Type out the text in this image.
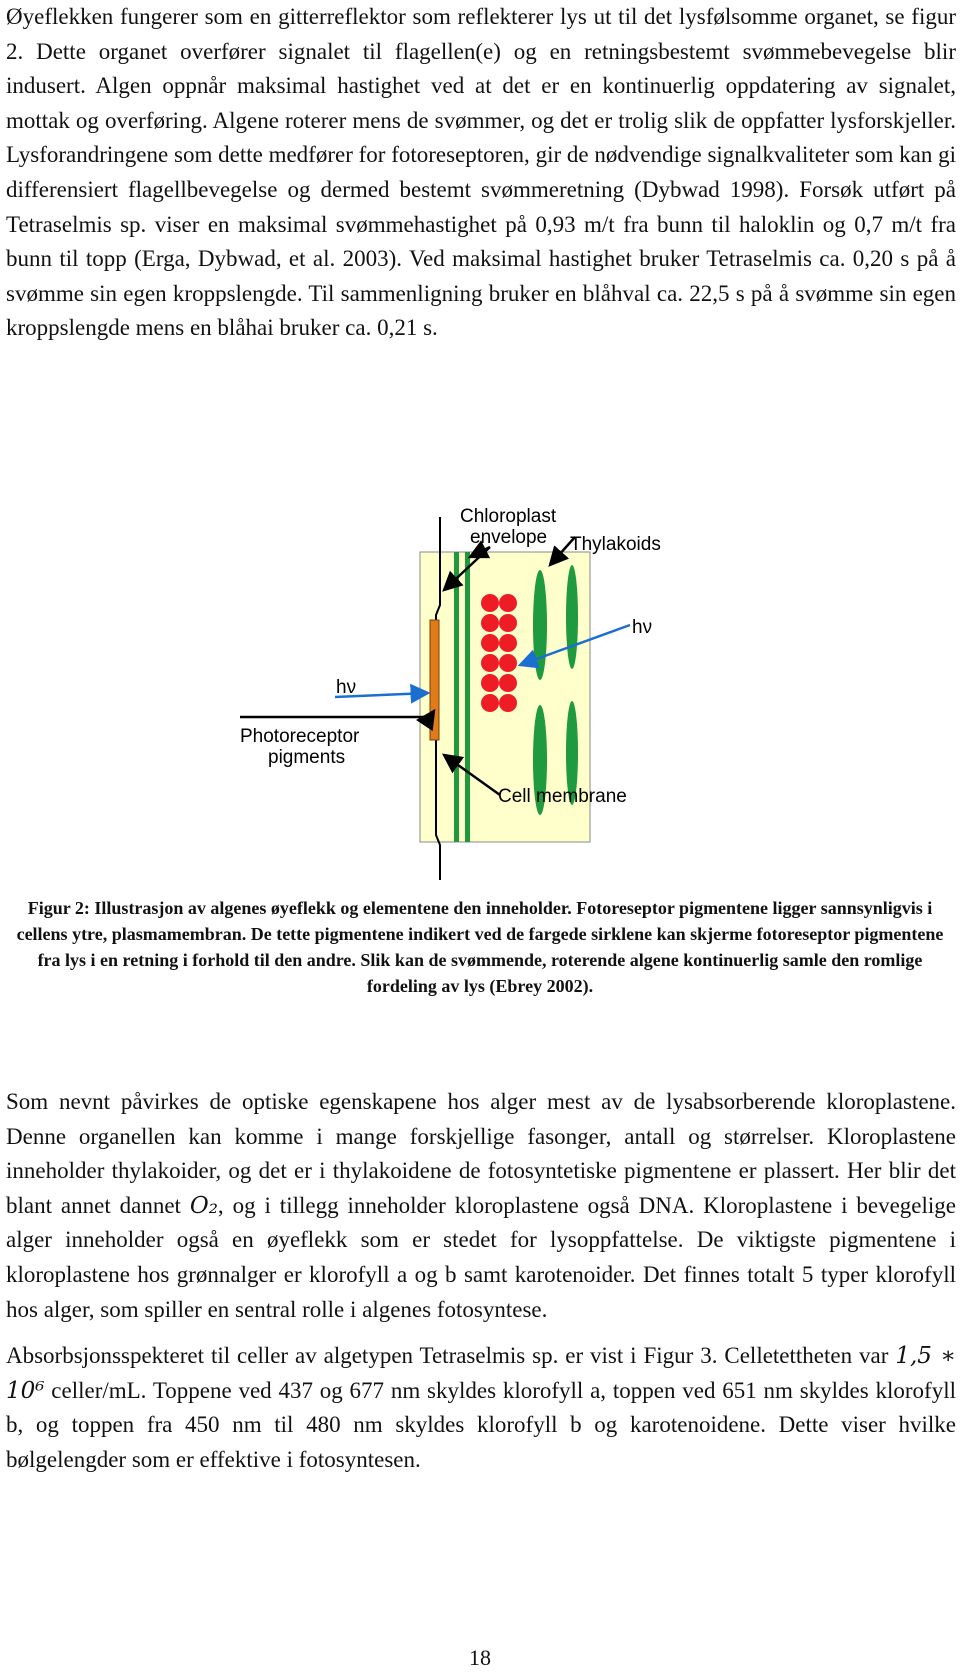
Øyeflekken fungerer som en gitterreflektor som reflekterer lys ut til det lysfølsomme organet, se figur 2. Dette organet overfører signalet til flagellen(e) og en retningsbestemt svømmebevegelse blir indusert. Algen oppnår maksimal hastighet ved at det er en kontinuerlig oppdatering av signalet, mottak og overføring. Algene roterer mens de svømmer, og det er trolig slik de oppfatter lysforskjeller. Lysforandringene som dette medfører for fotoreseptoren, gir de nødvendige signalkvaliteter som kan gi differensiert flagellbevegelse og dermed bestemt svømmeretning (Dybwad 1998). Forsøk utført på Tetraselmis sp. viser en maksimal svømmehastighet på 0,93 m/t fra bunn til haloklin og 0,7 m/t fra bunn til topp (Erga, Dybwad, et al. 2003). Ved maksimal hastighet bruker Tetraselmis ca. 0,20 s på å svømme sin egen kroppslengde. Til sammenligning bruker en blåhval ca. 22,5 s på å svømme sin egen kroppslengde mens en blåhai bruker ca. 0,21 s.

Chloroplast
envelope Thylakoids
hν
hν
Photoreceptor
pigments
Cell membrane
Figur 2: Illustrasjon av algenes øyeflekk og elementene den inneholder. Fotoreseptor pigmentene ligger sannsynligvis i cellens ytre, plasmamembran. De tette pigmentene indikert ved de fargede sirklene kan skjerme fotoreseptor pigmentene fra lys i en retning i forhold til den andre. Slik kan de svømmende, roterende algene kontinuerlig samle den romlige fordeling av lys (Ebrey 2002).

Som nevnt påvirkes de optiske egenskapene hos alger mest av de lysabsorberende kloroplastene. Denne organellen kan komme i mange forskjellige fasonger, antall og størrelser. Kloroplastene inneholder thylakoider, og det er i thylakoidene de fotosyntetiske pigmentene er plassert. Her blir det blant annet dannet O₂, og i tillegg inneholder kloroplastene også DNA. Kloroplastene i bevegelige alger inneholder også en øyeflekk som er stedet for lysoppfattelse. De viktigste pigmentene i kloroplastene hos grønnalger er klorofyll a og b samt karotenoider. Det finnes totalt 5 typer klorofyll hos alger, som spiller en sentral rolle i algenes fotosyntese.

Absorbsjonsspekteret til celler av algetypen Tetraselmis sp. er vist i Figur 3. Celletettheten var 1,5 ∗ 10⁶ celler/mL. Toppene ved 437 og 677 nm skyldes klorofyll a, toppen ved 651 nm skyldes klorofyll b, og toppen fra 450 nm til 480 nm skyldes klorofyll b og karotenoidene. Dette viser hvilke bølgelengder som er effektive i fotosyntesen.

18
